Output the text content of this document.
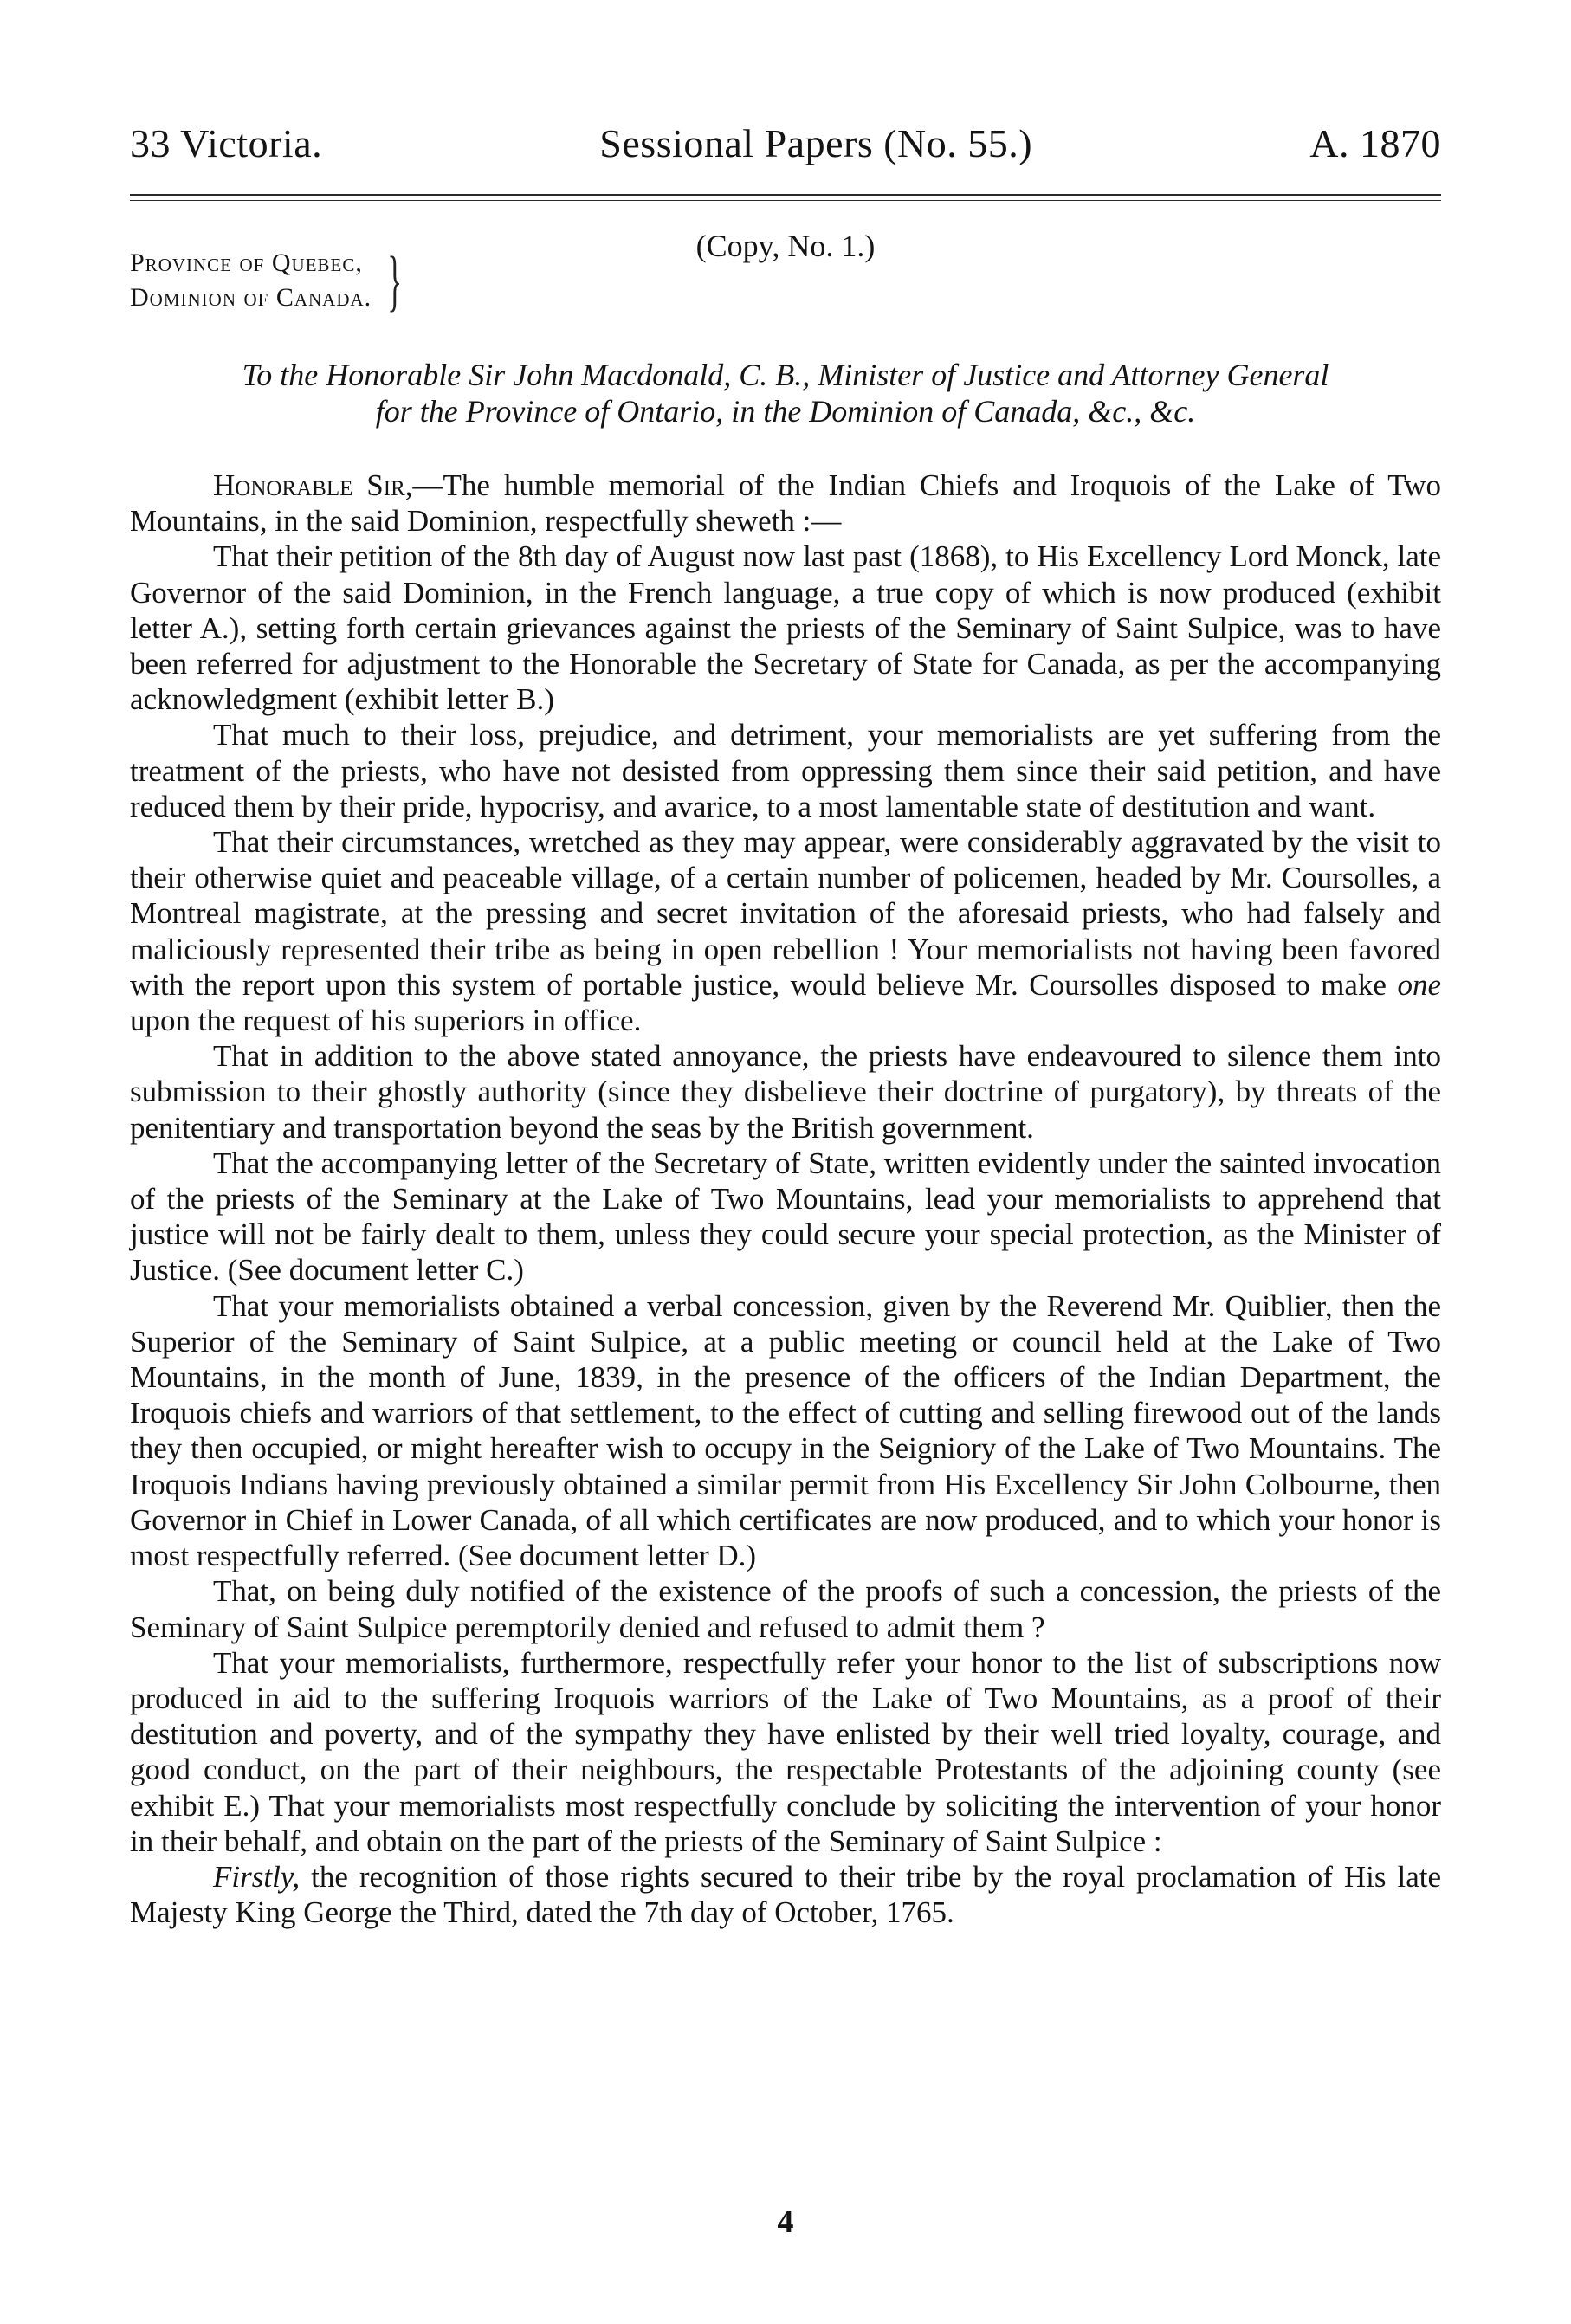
33 Victoria.	Sessional Papers (No. 55.)	A. 1870
(Copy, No. 1.)
Province of Quebec,
Dominion of Canada. }
To the Honorable Sir John Macdonald, C. B., Minister of Justice and Attorney General
for the Province of Ontario, in the Dominion of Canada, &c., &c.

Honorable Sir,—The humble memorial of the Indian Chiefs and Iroquois of the Lake of Two Mountains, in the said Dominion, respectfully sheweth :—

That their petition of the 8th day of August now last past (1868), to His Excellency Lord Monck, late Governor of the said Dominion, in the French language, a true copy of which is now produced (exhibit letter A.), setting forth certain grievances against the priests of the Seminary of Saint Sulpice, was to have been referred for adjustment to the Honorable the Secretary of State for Canada, as per the accompanying acknowledgment (exhibit letter B.)

That much to their loss, prejudice, and detriment, your memorialists are yet suffering from the treatment of the priests, who have not desisted from oppressing them since their said petition, and have reduced them by their pride, hypocrisy, and avarice, to a most lamentable state of destitution and want.

That their circumstances, wretched as they may appear, were considerably aggravated by the visit to their otherwise quiet and peaceable village, of a certain number of policemen, headed by Mr. Coursolles, a Montreal magistrate, at the pressing and secret invitation of the aforesaid priests, who had falsely and maliciously represented their tribe as being in open rebellion ! Your memorialists not having been favored with the report upon this system of portable justice, would believe Mr. Coursolles disposed to make one upon the request of his superiors in office.

That in addition to the above stated annoyance, the priests have endeavoured to silence them into submission to their ghostly authority (since they disbelieve their doctrine of purgatory), by threats of the penitentiary and transportation beyond the seas by the British government.

That the accompanying letter of the Secretary of State, written evidently under the sainted invocation of the priests of the Seminary at the Lake of Two Mountains, lead your memorialists to apprehend that justice will not be fairly dealt to them, unless they could secure your special protection, as the Minister of Justice. (See document letter C.)

That your memorialists obtained a verbal concession, given by the Reverend Mr. Quiblier, then the Superior of the Seminary of Saint Sulpice, at a public meeting or council held at the Lake of Two Mountains, in the month of June, 1839, in the presence of the officers of the Indian Department, the Iroquois chiefs and warriors of that settlement, to the effect of cutting and selling firewood out of the lands they then occupied, or might hereafter wish to occupy in the Seigniory of the Lake of Two Mountains. The Iroquois Indians having previously obtained a similar permit from His Excellency Sir John Colbourne, then Governor in Chief in Lower Canada, of all which certificates are now produced, and to which your honor is most respectfully referred. (See document letter D.)

That, on being duly notified of the existence of the proofs of such a concession, the priests of the Seminary of Saint Sulpice peremptorily denied and refused to admit them ?

That your memorialists, furthermore, respectfully refer your honor to the list of subscriptions now produced in aid to the suffering Iroquois warriors of the Lake of Two Mountains, as a proof of their destitution and poverty, and of the sympathy they have enlisted by their well tried loyalty, courage, and good conduct, on the part of their neighbours, the respectable Protestants of the adjoining county (see exhibit E.) That your memorialists most respectfully conclude by soliciting the intervention of your honor in their behalf, and obtain on the part of the priests of the Seminary of Saint Sulpice :

Firstly, the recognition of those rights secured to their tribe by the royal proclamation of His late Majesty King George the Third, dated the 7th day of October, 1765.

4
